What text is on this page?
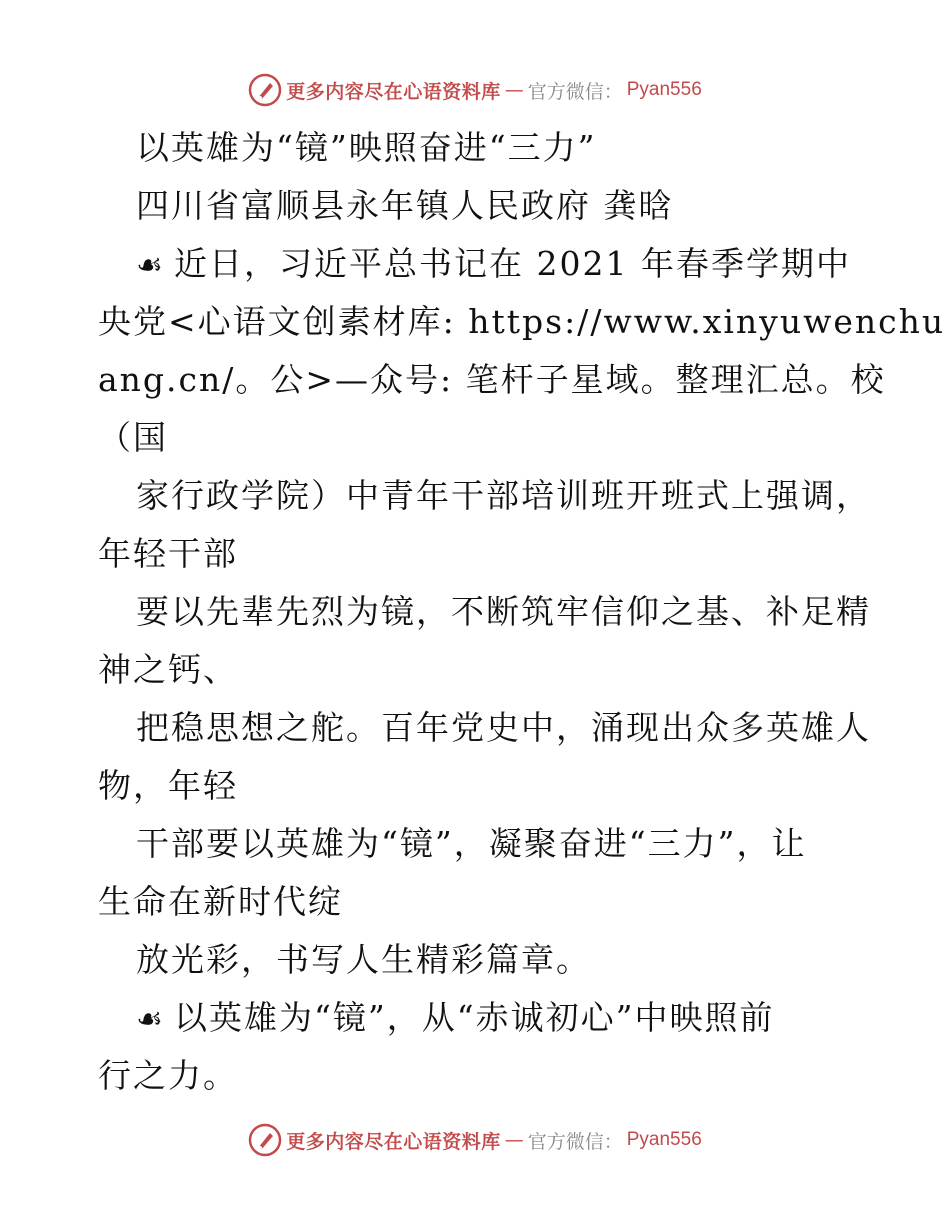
更多内容尽在心语资料库 — 官方微信： Pyan556
以英雄为“镜”映照奋进“三力”
四川省富顺县永年镇人民政府 龚晗
☙ 近日，习近平总书记在 2021 年春季学期中
央党<心语文创素材库: https://www.xinyuwenchu
ang.cn/。公>—众号: 笔杆子星域。整理汇总。校
（国
家行政学院）中青年干部培训班开班式上强调，
年轻干部
要以先辈先烈为镜，不断筑牢信仰之基、补足精
神之钙、
把稳思想之舵。百年党史中，涌现出众多英雄人
物，年轻
干部要以英雄为“镜”，凝聚奋进“三力”，让
生命在新时代绽
放光彩，书写人生精彩篇章。
☙ 以英雄为“镜”，从“赤诚初心”中映照前
行之力。
更多内容尽在心语资料库 — 官方微信： Pyan556
